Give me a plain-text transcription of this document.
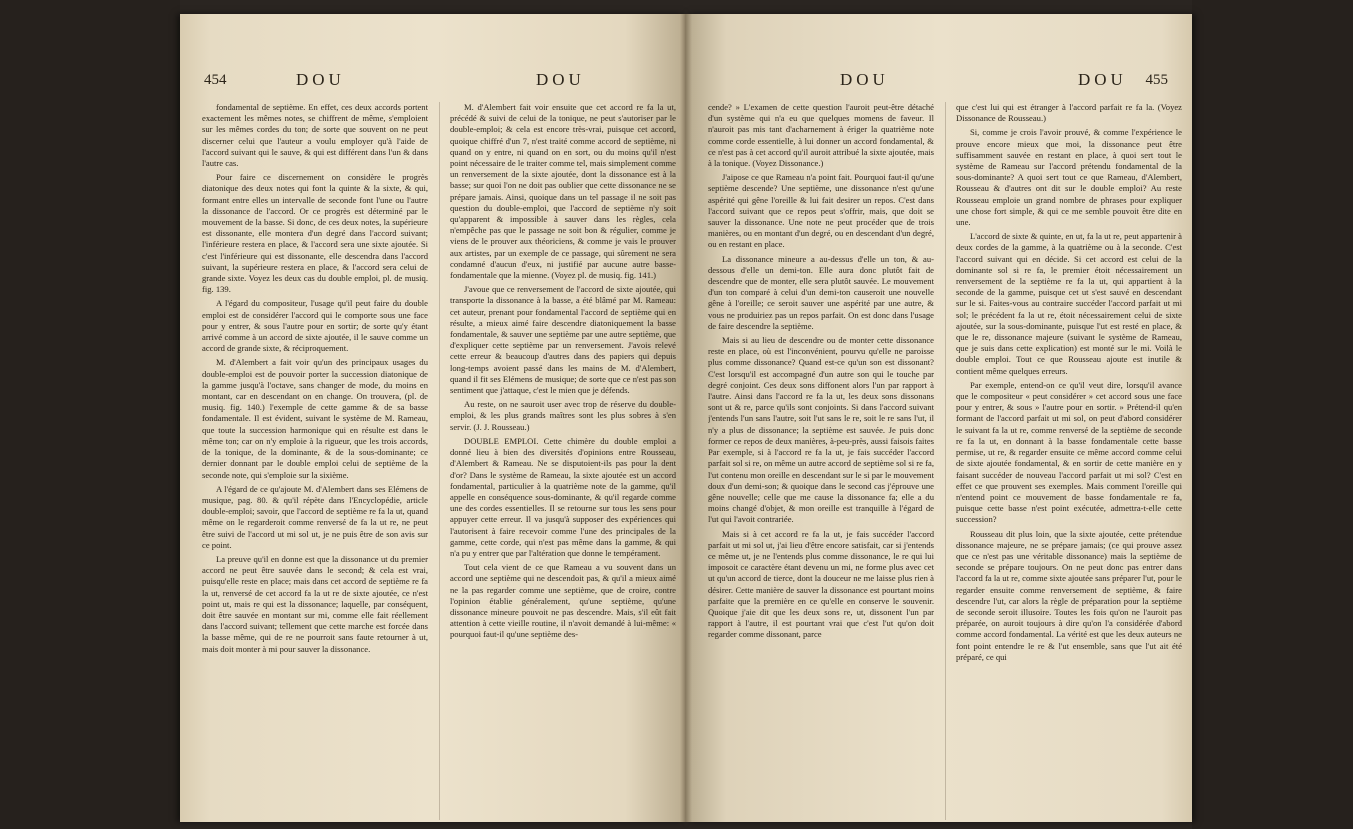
454	DOU	DOU

fondamental de septième. En effet, ces deux accords portent exactement les mêmes notes, se chiffrent de même, s'emploient sur les mêmes cordes du ton; de sorte que souvent on ne peut discerner celui que l'auteur a voulu employer qu'à l'aide de l'accord suivant qui le sauve, & qui est différent dans l'un & dans l'autre cas.

Pour faire ce discernement on considère le progrès diatonique des deux notes qui font la quinte & la sixte, & qui, formant entre elles un intervalle de seconde font l'une ou l'autre la dissonance de l'accord. Or ce progrès est déterminé par le mouvement de la basse. Si donc, de ces deux notes, la supérieure est dissonante, elle montera d'un degré dans l'accord suivant; l'inférieure restera en place, & l'accord sera une sixte ajoutée. Si c'est l'inférieure qui est dissonante, elle descendra dans l'accord suivant, la supérieure restera en place, & l'accord sera celui de grande sixte. Voyez les deux cas du double emploi, pl. de musiq. fig. 139.

A l'égard du compositeur, l'usage qu'il peut faire du double emploi est de considérer l'accord qui le comporte sous une face pour y entrer, & sous l'autre pour en sortir; de sorte qu'y étant arrivé comme à un accord de sixte ajoutée, il le sauve comme un accord de grande sixte, & réciproquement.

M. d'Alembert a fait voir qu'un des principaux usages du double-emploi est de pouvoir porter la succession diatonique de la gamme jusqu'à l'octave, sans changer de mode, du moins en montant, car en descendant on en change. On trouvera, (pl. de musiq. fig. 140.) l'exemple de cette gamme & de sa basse fondamentale. Il est évident, suivant le système de M. Rameau, que toute la succession harmonique qui en résulte est dans le même ton; car on n'y emploie à la rigueur, que les trois accords, de la tonique, de la dominante, & de la sous-dominante; ce dernier donnant par le double emploi celui de septième de la seconde note, qui s'emploie sur la sixième.

A l'égard de ce qu'ajoute M. d'Alembert dans ses Elémens de musique, pag. 80. & qu'il répète dans l'Encyclopédie, article double-emploi; savoir, que l'accord de septième re fa la ut, quand même on le regarderoit comme renversé de fa la ut re, ne peut être suivi de l'accord ut mi sol ut, je ne puis être de son avis sur ce point.

La preuve qu'il en donne est que la dissonance ut du premier accord ne peut être sauvée dans le second; & cela est vrai, puisqu'elle reste en place; mais dans cet accord de septième re fa la ut, renversé de cet accord fa la ut re de sixte ajoutée, ce n'est point ut, mais re qui est la dissonance; laquelle, par conséquent, doit être sauvée en montant sur mi, comme elle fait réellement dans l'accord suivant; tellement que cette marche est forcée dans la basse même, qui de re ne pourroit sans faute retourner à ut, mais doit monter à mi pour sauver la dissonance.

M. d'Alembert fait voir ensuite que cet accord re fa la ut, précédé & suivi de celui de la tonique, ne peut s'autoriser par le double-emploi; & cela est encore très-vrai, puisque cet accord, quoique chiffré d'un 7, n'est traité comme accord de septième, ni quand on y entre, ni quand on en sort, ou du moins qu'il n'est point nécessaire de le traiter comme tel, mais simplement comme un renversement de la sixte ajoutée, dont la dissonance est à la basse; sur quoi l'on ne doit pas oublier que cette dissonance ne se prépare jamais. Ainsi, quoique dans un tel passage il ne soit pas question du double-emploi, que l'accord de septième n'y soit qu'apparent & impossible à sauver dans les règles, cela n'empêche pas que le passage ne soit bon & régulier, comme je viens de le prouver aux théoriciens, & comme je vais le prouver aux artistes, par un exemple de ce passage, qui sûrement ne sera condamné d'aucun d'eux, ni justifié par aucune autre basse-fondamentale que la mienne. (Voyez pl. de musiq. fig. 141.)

J'avoue que ce renversement de l'accord de sixte ajoutée, qui transporte la dissonance à la basse, a été blâmé par M. Rameau: cet auteur, prenant pour fondamental l'accord de septième qui en résulte, a mieux aimé faire descendre diatoniquement la basse fondamentale, & sauver une septième par une autre septième, que d'expliquer cette septième par un renversement. J'avois relevé cette erreur & beaucoup d'autres dans des papiers qui depuis long-temps avoient passé dans les mains de M. d'Alembert, quand il fit ses Elémens de musique; de sorte que ce n'est pas son sentiment que j'attaque, c'est le mien que je défends.

Au reste, on ne sauroit user avec trop de réserve du double-emploi, & les plus grands maîtres sont les plus sobres à s'en servir. (J. J. Rousseau.)

DOUBLE EMPLOI. Cette chimère du double emploi a donné lieu à bien des diversités d'opinions entre Rousseau, d'Alembert & Rameau. Ne se disputoient-ils pas pour la dent d'or? Dans le système de Rameau, la sixte ajoutée est un accord fondamental, particulier à la quatrième note de la gamme, qu'il appelle en conséquence sous-dominante, & qu'il regarde comme une des cordes essentielles. Il se retourne sur tous les sens pour appuyer cette erreur. Il va jusqu'à supposer des expériences qui l'autorisent à faire recevoir comme l'une des principales de la gamme, cette corde, qui n'est pas même dans la gamme, & qui n'a pu y entrer que par l'altération que donne le tempérament.

Tout cela vient de ce que Rameau a vu souvent dans un accord une septième qui ne descendoit pas, & qu'il a mieux aimé ne la pas regarder comme une septième, que de croire, contre l'opinion établie généralement, qu'une septième, qu'une dissonance mineure pouvoit ne pas descendre. Mais, s'il eût fait attention à cette vieille routine, il n'avoit demandé à lui-même: « pourquoi faut-il qu'une septième des-

DOU	DOU 455

cende? » L'examen de cette question l'auroit peut-être détaché d'un système qui n'a eu que quelques momens de faveur. Il n'auroit pas mis tant d'acharnement à ériger la quatrième note comme corde essentielle, à lui donner un accord fondamental, & ce n'est pas à cet accord qu'il auroit attribué la sixte ajoutée, mais à la tonique. (Voyez Dissonance.)

J'aipose ce que Rameau n'a point fait. Pourquoi faut-il qu'une septième descende? Une septième, une dissonance n'est qu'une aspérité qui gêne l'oreille & lui fait desirer un repos. C'est dans l'accord suivant que ce repos peut s'offrir, mais, que doit se sauver la dissonance. Une note ne peut procéder que de trois manières, ou en montant d'un degré, ou en descendant d'un degré, ou en restant en place.

La dissonance mineure a au-dessus d'elle un ton, & au-dessous d'elle un demi-ton. Elle aura donc plutôt fait de descendre que de monter, elle sera plutôt sauvée. Le mouvement d'un ton comparé à celui d'un demi-ton causeroit une nouvelle gêne à l'oreille; ce seroit sauver une aspérité par une autre, & vous ne produiriez pas un repos parfait. On est donc dans l'usage de faire descendre la septième.

Mais si au lieu de descendre ou de monter cette dissonance reste en place, où est l'inconvénient, pourvu qu'elle ne paroisse plus comme dissonance? Quand est-ce qu'un son est dissonant? C'est lorsqu'il est accompagné d'un autre son qui le touche par degré conjoint. Ces deux sons diffonent alors l'un par rapport à l'autre. Ainsi dans l'accord re fa la ut, les deux sons dissonans sont ut & re, parce qu'ils sont conjoints. Si dans l'accord suivant j'entends l'un sans l'autre, soit l'ut sans le re, soit le re sans l'ut, il n'y a plus de dissonance; la septième est sauvée. Je puis donc former ce repos de deux manières, à-peu-près, aussi faisois faites Par exemple, si à l'accord re fa la ut, je fais succéder l'accord parfait sol si re, on même un autre accord de septième sol si re fa, l'ut contenu mon oreille en descendant sur le si par le mouvement doux d'un demi-son; & quoique dans le second cas j'éprouve une gêne nouvelle; celle que me cause la dissonance fa; elle a du moins changé d'objet, & mon oreille est tranquille à l'égard de l'ut qui l'avoit contrariée.

Mais si à cet accord re fa la ut, je fais succéder l'accord parfait ut mi sol ut, j'ai lieu d'être encore satisfait, car si j'entends ce même ut, je ne l'entends plus comme dissonance, le re qui lui imposoit ce caractère étant devenu un mi, ne forme plus avec cet ut qu'un accord de tierce, dont la douceur ne me laisse plus rien à désirer. Cette manière de sauver la dissonance est pourtant moins parfaite que la première en ce qu'elle en conserve le souvenir. Quoique j'aie dit que les deux sons re, ut, dissonent l'un par rapport à l'autre, il est pourtant vrai que c'est l'ut qu'on doit regarder comme dissonant, parce

que c'est lui qui est étranger à l'accord parfait re fa la. (Voyez Dissonance de Rousseau.)

Si, comme je crois l'avoir prouvé, & comme l'expérience le prouve encore mieux que moi, la dissonance peut être suffisamment sauvée en restant en place, à quoi sert tout le système de Rameau sur l'accord prétendu fondamental de la sous-dominante? A quoi sert tout ce que Rameau, d'Alembert, Rousseau & d'autres ont dit sur le double emploi? Au reste Rousseau emploie un grand nombre de phrases pour expliquer une chose fort simple, & qui ce me semble pouvoit être dite en une.

L'accord de sixte & quinte, en ut, fa la ut re, peut appartenir à deux cordes de la gamme, à la quatrième ou à la seconde. C'est l'accord suivant qui en décide. Si cet accord est celui de la dominante sol si re fa, le premier étoit nécessairement un renversement de la septième re fa la ut, qui appartient à la seconde de la gamme, puisque cet ut s'est sauvé en descendant sur le si. Faites-vous au contraire succéder l'accord parfait ut mi sol; le précédent fa la ut re, étoit nécessairement celui de sixte ajoutée, sur la sous-dominante, puisque l'ut est resté en place, & que le re, dissonance majeure (suivant le système de Rameau, que je suis dans cette explication) est monté sur le mi. Voilà le double emploi. Tout ce que Rousseau ajoute est inutile & contient même quelques erreurs.

Par exemple, entend-on ce qu'il veut dire, lorsqu'il avance que le compositeur « peut considérer » cet accord sous une face pour y entrer, & sous » l'autre pour en sortir. » Prétend-il qu'en formant de l'accord parfait ut mi sol, on peut d'abord considérer le suivant fa la ut re, comme renversé de la septième de seconde re fa la ut, en donnant à la basse fondamentale cette basse permise, ut re, & regarder ensuite ce même accord comme celui de sixte ajoutée fondamental, & en sortir de cette manière en y faisant succéder de nouveau l'accord parfait ut mi sol? C'est en effet ce que prouvent ses exemples. Mais comment l'oreille qui n'entend point ce mouvement de basse fondamentale re fa, puisque cette basse n'est point exécutée, admettra-t-elle cette succession?

Rousseau dit plus loin, que la sixte ajoutée, cette prétendue dissonance majeure, ne se prépare jamais; (ce qui prouve assez que ce n'est pas une véritable dissonance) mais la septième de seconde se prépare toujours. On ne peut donc pas entrer dans l'accord fa la ut re, comme sixte ajoutée sans préparer l'ut, pour le regarder ensuite comme renversement de septième, & faire descendre l'ut, car alors la règle de préparation pour la septième de seconde seroit illusoire. Toutes les fois qu'on ne l'auroit pas préparée, on auroit toujours à dire qu'on l'a considérée d'abord comme accord fondamental. La vérité est que les deux auteurs ne font point entendre le re & l'ut ensemble, sans que l'ut ait été préparé, ce qui
